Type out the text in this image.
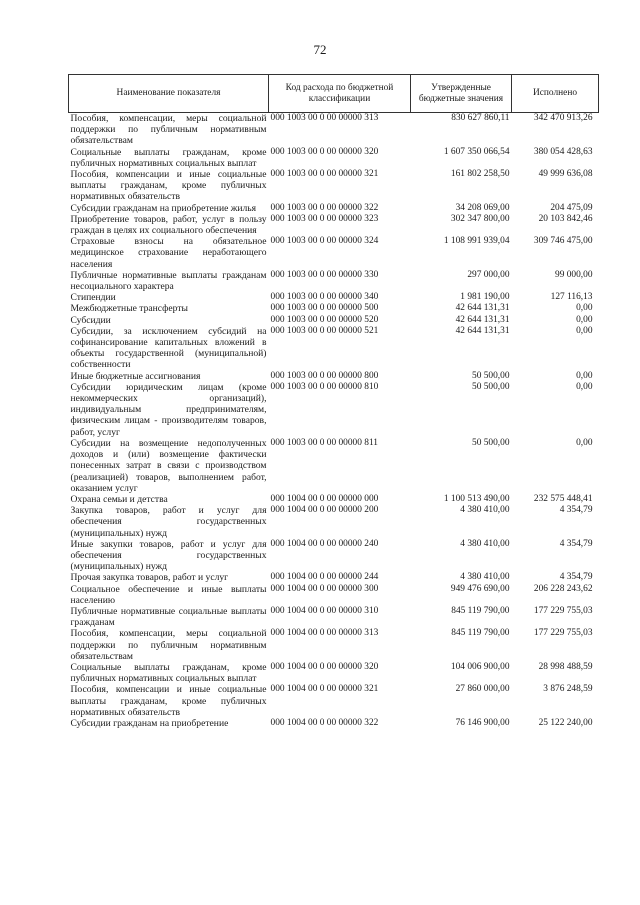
72
Наименование показателя	Код расхода по бюджетной классификации	Утвержденные бюджетные значения	Исполнено
Пособия, компенсации, меры социальной поддержки по публичным нормативным обязательствам	000 1003 00 0 00 00000 313	830 627 860,11	342 470 913,26
Социальные выплаты гражданам, кроме публичных нормативных социальных выплат	000 1003 00 0 00 00000 320	1 607 350 066,54	380 054 428,63
Пособия, компенсации и иные социальные выплаты гражданам, кроме публичных нормативных обязательств	000 1003 00 0 00 00000 321	161 802 258,50	49 999 636,08
Субсидии гражданам на приобретение жилья	000 1003 00 0 00 00000 322	34 208 069,00	204 475,09
Приобретение товаров, работ, услуг в пользу граждан в целях их социального обеспечения	000 1003 00 0 00 00000 323	302 347 800,00	20 103 842,46
Страховые взносы на обязательное медицинское страхование неработающего населения	000 1003 00 0 00 00000 324	1 108 991 939,04	309 746 475,00
Публичные нормативные выплаты гражданам несоциального характера	000 1003 00 0 00 00000 330	297 000,00	99 000,00
Стипендии	000 1003 00 0 00 00000 340	1 981 190,00	127 116,13
Межбюджетные трансферты	000 1003 00 0 00 00000 500	42 644 131,31	0,00
Субсидии	000 1003 00 0 00 00000 520	42 644 131,31	0,00
Субсидии, за исключением субсидий на софинансирование капитальных вложений в объекты государственной (муниципальной) собственности	000 1003 00 0 00 00000 521	42 644 131,31	0,00
Иные бюджетные ассигнования	000 1003 00 0 00 00000 800	50 500,00	0,00
Субсидии юридическим лицам (кроме некоммерческих организаций), индивидуальным предпринимателям, физическим лицам - производителям товаров, работ, услуг	000 1003 00 0 00 00000 810	50 500,00	0,00
Субсидии на возмещение недополученных доходов и (или) возмещение фактически понесенных затрат в связи с производством (реализацией) товаров, выполнением работ, оказанием услуг	000 1003 00 0 00 00000 811	50 500,00	0,00
Охрана семьи и детства	000 1004 00 0 00 00000 000	1 100 513 490,00	232 575 448,41
Закупка товаров, работ и услуг для обеспечения государственных (муниципальных) нужд	000 1004 00 0 00 00000 200	4 380 410,00	4 354,79
Иные закупки товаров, работ и услуг для обеспечения государственных (муниципальных) нужд	000 1004 00 0 00 00000 240	4 380 410,00	4 354,79
Прочая закупка товаров, работ и услуг	000 1004 00 0 00 00000 244	4 380 410,00	4 354,79
Социальное обеспечение и иные выплаты населению	000 1004 00 0 00 00000 300	949 476 690,00	206 228 243,62
Публичные нормативные социальные выплаты гражданам	000 1004 00 0 00 00000 310	845 119 790,00	177 229 755,03
Пособия, компенсации, меры социальной поддержки по публичным нормативным обязательствам	000 1004 00 0 00 00000 313	845 119 790,00	177 229 755,03
Социальные выплаты гражданам, кроме публичных нормативных социальных выплат	000 1004 00 0 00 00000 320	104 006 900,00	28 998 488,59
Пособия, компенсации и иные социальные выплаты гражданам, кроме публичных нормативных обязательств	000 1004 00 0 00 00000 321	27 860 000,00	3 876 248,59
Субсидии гражданам на приобретение	000 1004 00 0 00 00000 322	76 146 900,00	25 122 240,00
